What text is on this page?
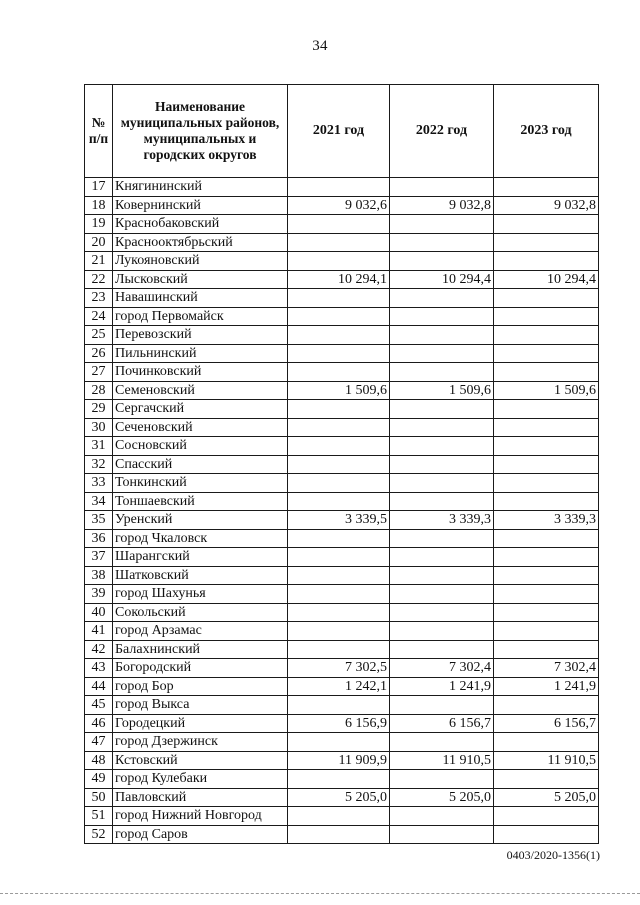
34
№ п/п	Наименование муниципальных районов, муниципальных и городских округов	2021 год	2022 год	2023 год
17	Княгининский			
18	Ковернинский	9 032,6	9 032,8	9 032,8
19	Краснобаковский			
20	Краснооктябрьский			
21	Лукояновский			
22	Лысковский	10 294,1	10 294,4	10 294,4
23	Навашинский			
24	город Первомайск			
25	Перевозский			
26	Пильнинский			
27	Починковский			
28	Семеновский	1 509,6	1 509,6	1 509,6
29	Сергачский			
30	Сеченовский			
31	Сосновский			
32	Спасский			
33	Тонкинский			
34	Тоншаевский			
35	Уренский	3 339,5	3 339,3	3 339,3
36	город Чкаловск			
37	Шарангский			
38	Шатковский			
39	город Шахунья			
40	Сокольский			
41	город Арзамас			
42	Балахнинский			
43	Богородский	7 302,5	7 302,4	7 302,4
44	город Бор	1 242,1	1 241,9	1 241,9
45	город Выкса			
46	Городецкий	6 156,9	6 156,7	6 156,7
47	город Дзержинск			
48	Кстовский	11 909,9	11 910,5	11 910,5
49	город Кулебаки			
50	Павловский	5 205,0	5 205,0	5 205,0
51	город Нижний Новгород			
52	город Саров			
0403/2020-1356(1)
